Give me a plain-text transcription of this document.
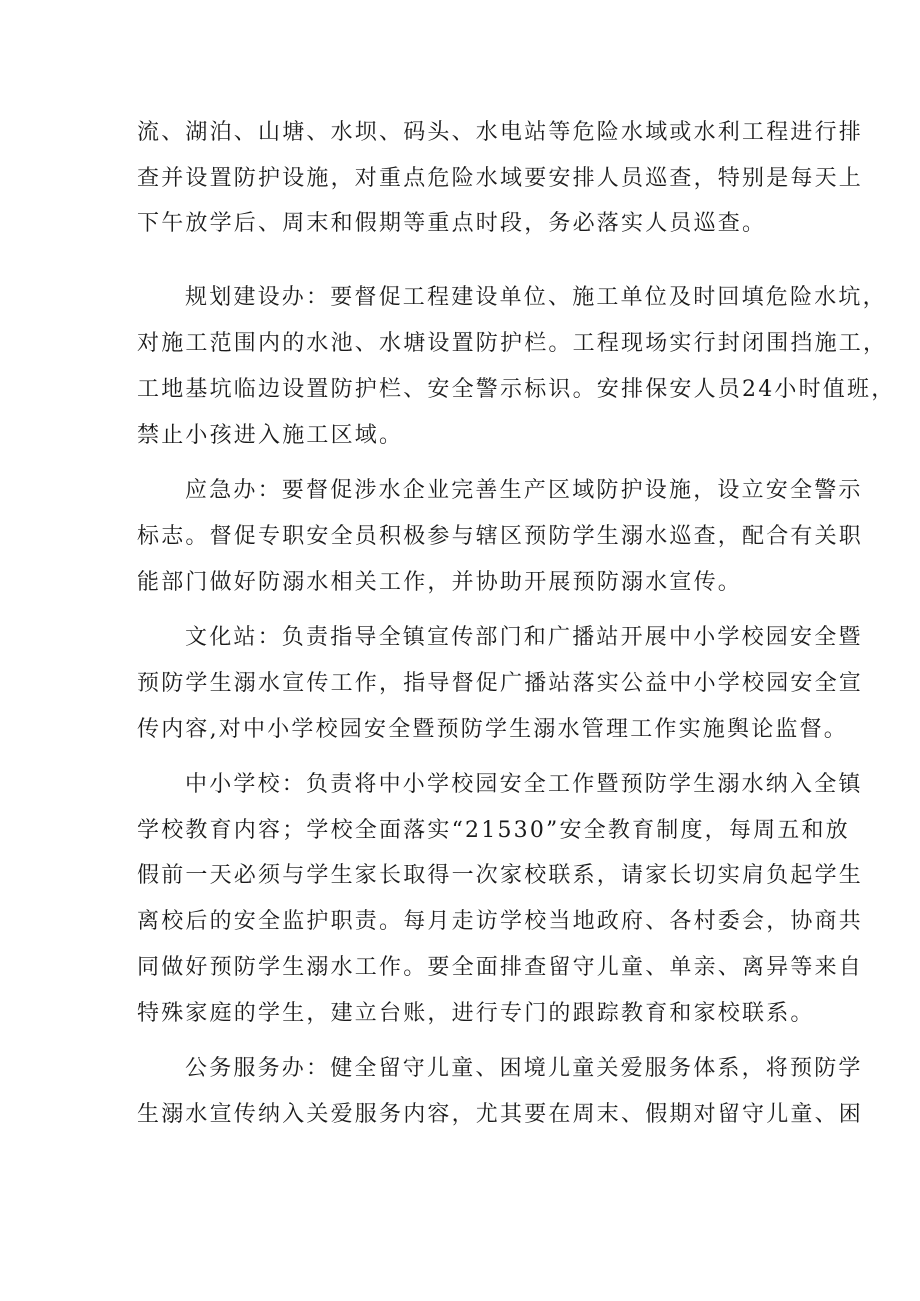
流、湖泊、山塘、水坝、码头、水电站等危险水域或水利工程进行排
查并设置防护设施，对重点危险水域要安排人员巡查，特别是每天上
下午放学后、周末和假期等重点时段，务必落实人员巡查。
规划建设办：要督促工程建设单位、施工单位及时回填危险水坑，
对施工范围内的水池、水塘设置防护栏。工程现场实行封闭围挡施工，
工地基坑临边设置防护栏、安全警示标识。安排保安人员24小时值班，
禁止小孩进入施工区域。
应急办：要督促涉水企业完善生产区域防护设施，设立安全警示
标志。督促专职安全员积极参与辖区预防学生溺水巡查，配合有关职
能部门做好防溺水相关工作，并协助开展预防溺水宣传。
文化站：负责指导全镇宣传部门和广播站开展中小学校园安全暨
预防学生溺水宣传工作，指导督促广播站落实公益中小学校园安全宣
传内容,对中小学校园安全暨预防学生溺水管理工作实施舆论监督。
中小学校：负责将中小学校园安全工作暨预防学生溺水纳入全镇
学校教育内容；学校全面落实“21530”安全教育制度，每周五和放
假前一天必须与学生家长取得一次家校联系，请家长切实肩负起学生
离校后的安全监护职责。每月走访学校当地政府、各村委会，协商共
同做好预防学生溺水工作。要全面排查留守儿童、单亲、离异等来自
特殊家庭的学生，建立台账，进行专门的跟踪教育和家校联系。
公务服务办：健全留守儿童、困境儿童关爱服务体系，将预防学
生溺水宣传纳入关爱服务内容，尤其要在周末、假期对留守儿童、困
